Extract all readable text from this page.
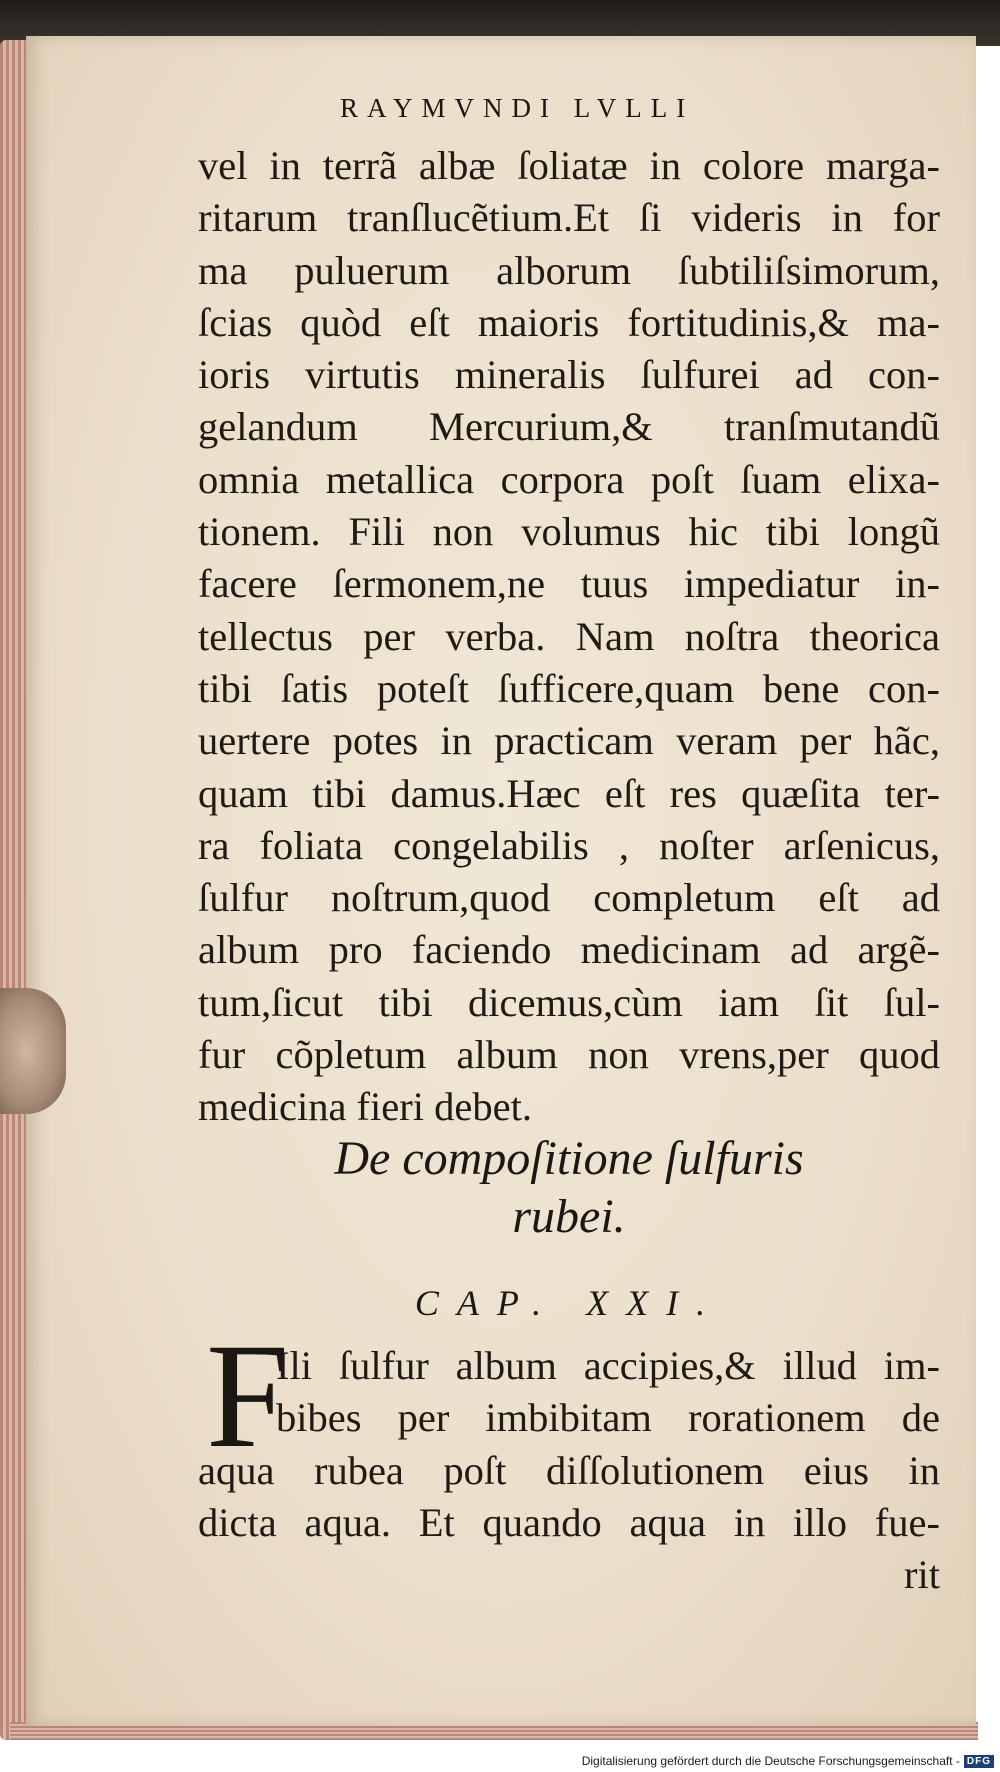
RAYMVNDI LVLLI
vel in terrã albæ ſoliatæ in colore marga-
ritarum tranſlucẽtium.Et ſi videris in for
ma puluerum alborum ſubtiliſsimorum,
ſcias quòd eſt maioris fortitudinis,& ma-
ioris virtutis mineralis ſulfurei ad con-
gelandum Mercurium,& tranſmutandũ
omnia metallica corpora poſt ſuam elixa-
tionem. Fili non volumus hic tibi longũ
facere ſermonem,ne tuus impediatur in-
tellectus per verba. Nam noſtra theorica
tibi ſatis poteſt ſufficere,quam bene con-
uertere potes in practicam veram per hãc,
quam tibi damus.Hæc eſt res quæſita ter-
ra foliata congelabilis , noſter arſenicus,
ſulfur noſtrum,quod completum eſt ad
album pro faciendo medicinam ad argẽ-
tum,ſicut tibi dicemus,cùm iam ſit ſul-
fur cõpletum album non vrens,per quod
medicina fieri debet.
De compoſitione ſulfuris
rubei.
CAP. XXI.
F
Ili ſulfur album accipies,& illud im-
bibes per imbibitam rorationem de
aqua rubea poſt diſſolutionem eius in
dicta aqua. Et quando aqua in illo fue-
rit
Digitalisierung gefördert durch die Deutsche Forschungsgemeinschaft - DFG
